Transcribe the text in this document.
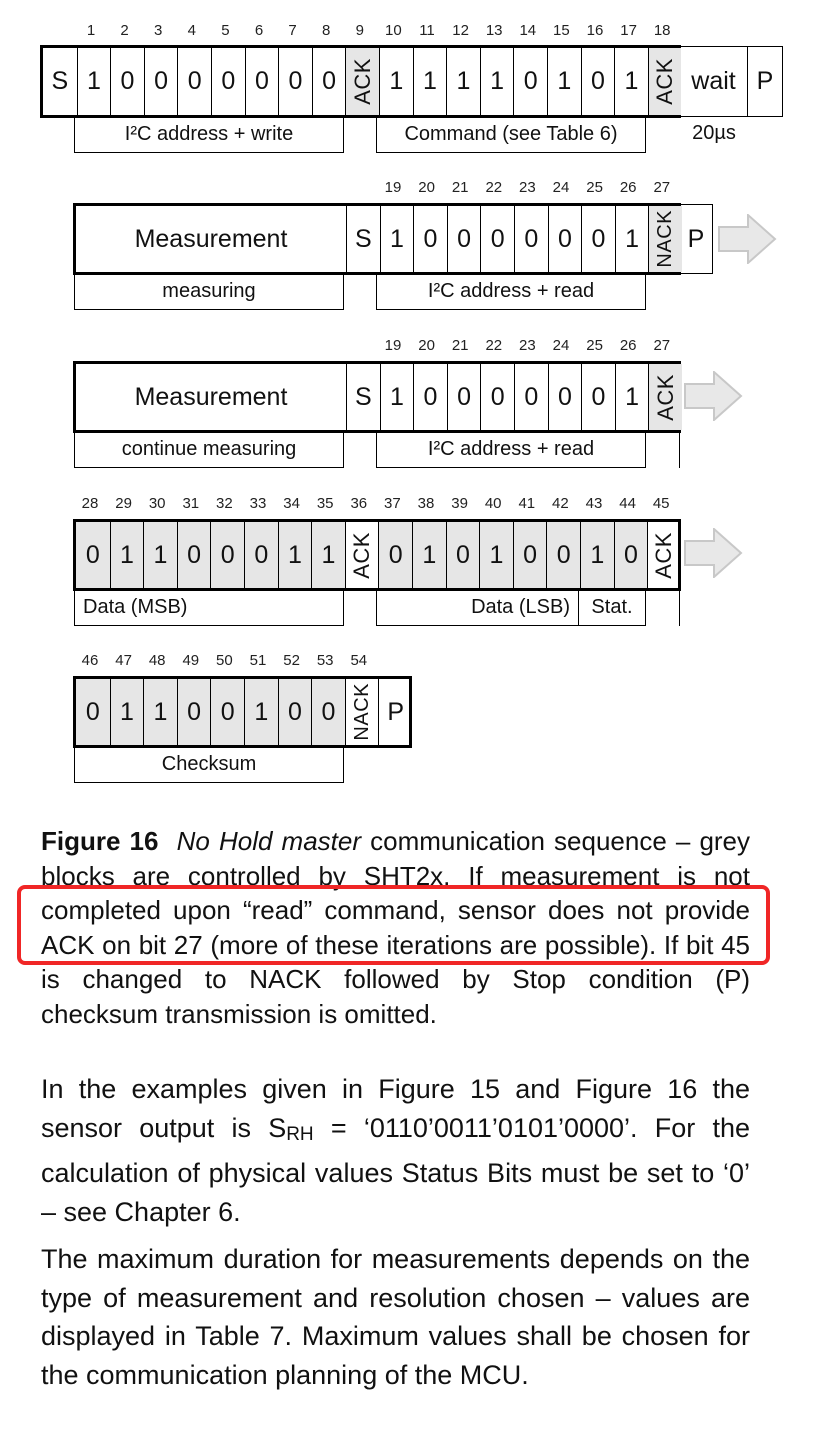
1	2	3	4	5	6	7	8	9	10	11	12	13	14	15	16	17	18
S 1 0 0 0 0 0 0 0 ACK 1 1 1 1 0 1 0 1 ACK wait P
I²C address + write	Command (see Table 6)	20µs
19	20	21	22	23	24	25	26	27
Measurement	S 1 0 0 0 0 0 0 1 NACK P
measuring	I²C address + read
19	20	21	22	23	24	25	26	27
Measurement	S 1 0 0 0 0 0 0 1 ACK
continue measuring	I²C address + read
28	29	30	31	32	33	34	35	36	37	38	39	40	41	42	43	44	45
0 1 1 0 0 0 1 1 ACK 0 1 0 1 0 0 1 0 ACK
Data (MSB)	Data (LSB) Stat.
46	47	48	49	50	51	52	53	54
0 1 1 0 0 1 0 0 NACK P
Checksum
Figure 16 No Hold master communication sequence – grey blocks are controlled by SHT2x. If measurement is not completed upon “read” command, sensor does not provide ACK on bit 27 (more of these iterations are possible). If bit 45 is changed to NACK followed by Stop condition (P) checksum transmission is omitted.
In the examples given in Figure 15 and Figure 16 the sensor output is $S_{RH}$ = ‘0110’0011’0101’0000’. For the calculation of physical values Status Bits must be set to ‘0’ – see Chapter 6.
The maximum duration for measurements depends on the type of measurement and resolution chosen – values are displayed in Table 7. Maximum values shall be chosen for the communication planning of the MCU.
